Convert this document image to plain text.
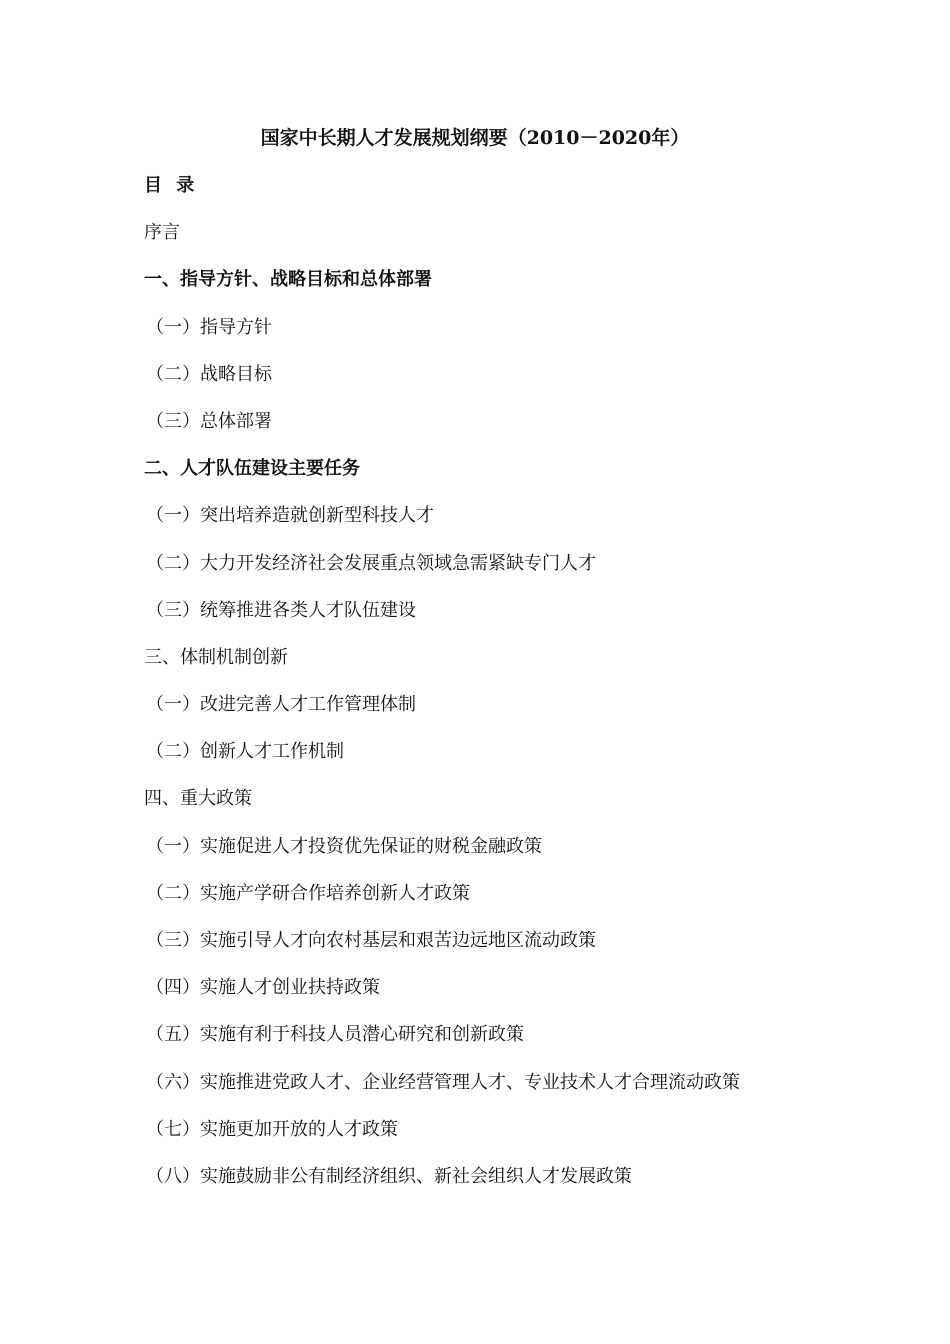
国家中长期人才发展规划纲要（2010－2020年）
目 录
序言
一、指导方针、战略目标和总体部署
（一）指导方针
（二）战略目标
（三）总体部署
二、人才队伍建设主要任务
（一）突出培养造就创新型科技人才
（二）大力开发经济社会发展重点领域急需紧缺专门人才
（三）统筹推进各类人才队伍建设
三、体制机制创新
（一）改进完善人才工作管理体制
（二）创新人才工作机制
四、重大政策
（一）实施促进人才投资优先保证的财税金融政策
（二）实施产学研合作培养创新人才政策
（三）实施引导人才向农村基层和艰苦边远地区流动政策
（四）实施人才创业扶持政策
（五）实施有利于科技人员潜心研究和创新政策
（六）实施推进党政人才、企业经营管理人才、专业技术人才合理流动政策
（七）实施更加开放的人才政策
（八）实施鼓励非公有制经济组织、新社会组织人才发展政策
